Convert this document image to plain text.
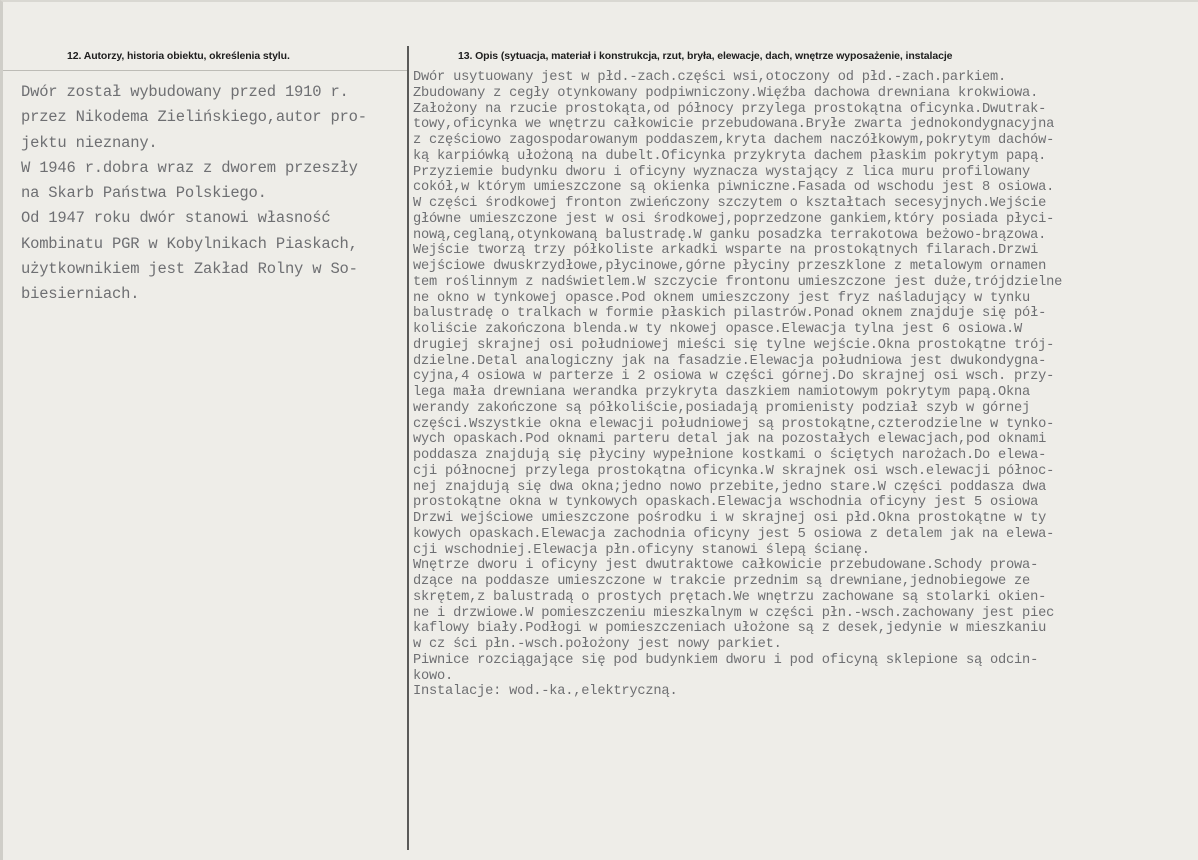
12. Autorzy, historia obiektu, określenia stylu.	13. Opis (sytuacja, materiał i konstrukcja, rzut, bryła, elewacje, dach, wnętrze wyposażenie, instalacje
Dwór został wybudowany przed 1910 r.
przez Nikodema Zielińskiego,autor pro-
jektu nieznany.
W 1946 r.dobra wraz z dworem przeszły
na Skarb Państwa Polskiego.
Od 1947 roku dwór stanowi własność
Kombinatu PGR w Kobylnikach Piaskach,
użytkownikiem jest Zakład Rolny w So-
biesierniach.
Dwór usytuowany jest w płd.-zach.części wsi,otoczony od płd.-zach.parkiem.
Zbudowany z cegły otynkowany podpiwniczony.Więźba dachowa drewniana krokwiowa.
Założony na rzucie prostokąta,od północy przylega prostokątna oficynka.Dwutrak-
towy,oficynka we wnętrzu całkowicie przebudowana.Bryłe zwarta jednokondygnacyjna
z częściowo zagospodarowanym poddaszem,kryta dachem naczółkowym,pokrytym dachów-
ką karpiówką ułożoną na dubelt.Oficynka przykryta dachem płaskim pokrytym papą.
Przyziemie budynku dworu i oficyny wyznacza wystający z lica muru profilowany
cokół,w którym umieszczone są okienka piwniczne.Fasada od wschodu jest 8 osiowa.
W części środkowej fronton zwieńczony szczytem o kształtach secesyjnych.Wejście
główne umieszczone jest w osi środkowej,poprzedzone gankiem,który posiada płyci-
nową,ceglaną,otynkowaną balustradę.W ganku posadzka terrakotowa beżowo-brązowa.
Wejście tworzą trzy półkoliste arkadki wsparte na prostokątnych filarach.Drzwi
wejściowe dwuskrzydłowe,płycinowe,górne płyciny przeszklone z metalowym ornamen
tem roślinnym z nadświetlem.W szczycie frontonu umieszczone jest duże,trójdzielne
ne okno w tynkowej opasce.Pod oknem umieszczony jest fryz naśladujący w tynku
balustradę o tralkach w formie płaskich pilastrów.Ponad oknem znajduje się pół-
koliście zakończona blenda.w ty nkowej opasce.Elewacja tylna jest 6 osiowa.W
drugiej skrajnej osi południowej mieści się tylne wejście.Okna prostokątne trój-
dzielne.Detal analogiczny jak na fasadzie.Elewacja południowa jest dwukondygna-
cyjna,4 osiowa w parterze i 2 osiowa w części górnej.Do skrajnej osi wsch. przy-
lega mała drewniana werandka przykryta daszkiem namiotowym pokrytym papą.Okna
werandy zakończone są półkoliście,posiadają promienisty podział szyb w górnej
części.Wszystkie okna elewacji południowej są prostokątne,czterodzielne w tynko-
wych opaskach.Pod oknami parteru detal jak na pozostałych elewacjach,pod oknami
poddasza znajdują się płyciny wypełnione kostkami o ściętych narożach.Do elewa-
cji północnej przylega prostokątna oficynka.W skrajnek osi wsch.elewacji północ-
nej znajdują się dwa okna;jedno nowo przebite,jedno stare.W części poddasza dwa
prostokątne okna w tynkowych opaskach.Elewacja wschodnia oficyny jest 5 osiowa
Drzwi wejściowe umieszczone pośrodku i w skrajnej osi płd.Okna prostokątne w ty
kowych opaskach.Elewacja zachodnia oficyny jest 5 osiowa z detalem jak na elewa-
cji wschodniej.Elewacja płn.oficyny stanowi ślepą ścianę.
Wnętrze dworu i oficyny jest dwutraktowe całkowicie przebudowane.Schody prowa-
dzące na poddasze umieszczone w trakcie przednim są drewniane,jednobiegowe ze
skrętem,z balustradą o prostych prętach.We wnętrzu zachowane są stolarki okien-
ne i drzwiowe.W pomieszczeniu mieszkalnym w części płn.-wsch.zachowany jest piec
kaflowy biały.Podłogi w pomieszczeniach ułożone są z desek,jedynie w mieszkaniu
w cz ści płn.-wsch.położony jest nowy parkiet.
Piwnice rozciągające się pod budynkiem dworu i pod oficyną sklepione są odcin-
kowo.
Instalacje: wod.-ka.,elektryczną.
